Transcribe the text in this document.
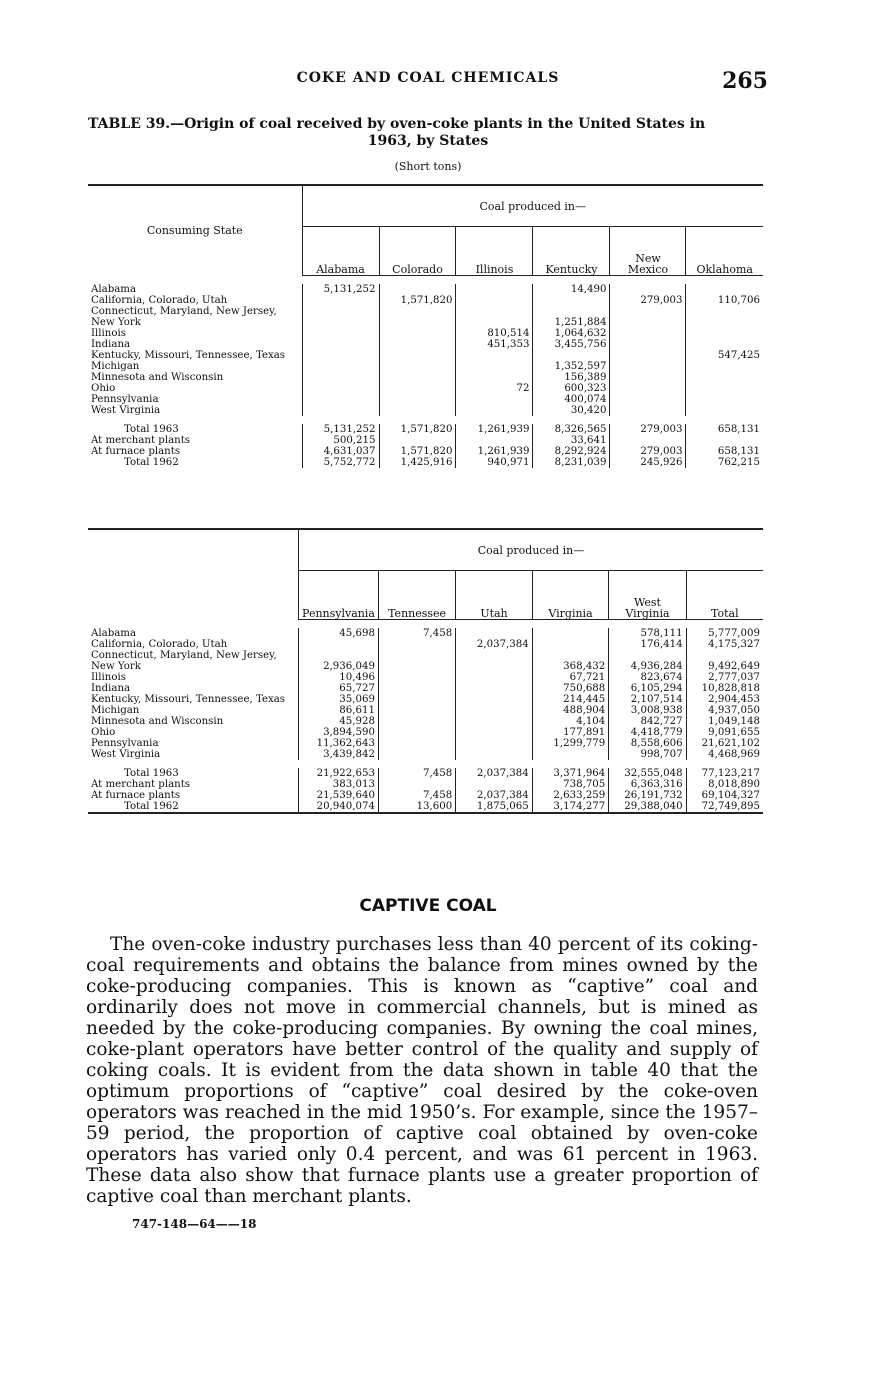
COKE AND COAL CHEMICALS	265
TABLE 39.—Origin of coal received by oven-coke plants in the United States in
1963, by States
(Short tons)
Consuming State	Coal produced in—					
	Alabama	Colorado	Illinois	Kentucky	New Mexico	Oklahoma

Alabama	5,131,252			14,490		
California, Colorado, Utah		1,571,820			279,003	110,706
Connecticut, Maryland, New Jersey, New York				1,251,884		
Illinois			810,514	1,064,632		
Indiana			451,353	3,455,756		
Kentucky, Missouri, Tennessee, Texas						547,425
Michigan				1,352,597		
Minnesota and Wisconsin				156,389		
Ohio			72	600,323		
Pennsylvania				400,074		
West Virginia				30,420		

Total 1963	5,131,252	1,571,820	1,261,939	8,326,565	279,003	658,131
At merchant plants	500,215			33,641		
At furnace plants	4,631,037	1,571,820	1,261,939	8,292,924	279,003	658,131
Total 1962	5,752,772	1,425,916	940,971	8,231,039	245,926	762,215
	Coal produced in—					
	Pennsylvania	Tennessee	Utah	Virginia	West Virginia	Total

Alabama	45,698	7,458			578,111	5,777,009
California, Colorado, Utah			2,037,384		176,414	4,175,327
Connecticut, Maryland, New Jersey, New York	2,936,049			368,432	4,936,284	9,492,649
Illinois	10,496			67,721	823,674	2,777,037
Indiana	65,727			750,688	6,105,294	10,828,818
Kentucky, Missouri, Tennessee, Texas	35,069			214,445	2,107,514	2,904,453
Michigan	86,611			488,904	3,008,938	4,937,050
Minnesota and Wisconsin	45,928			4,104	842,727	1,049,148
Ohio	3,894,590			177,891	4,418,779	9,091,655
Pennsylvania	11,362,643			1,299,779	8,558,606	21,621,102
West Virginia	3,439,842				998,707	4,468,969

Total 1963	21,922,653	7,458	2,037,384	3,371,964	32,555,048	77,123,217
At merchant plants	383,013			738,705	6,363,316	8,018,890
At furnace plants	21,539,640	7,458	2,037,384	2,633,259	26,191,732	69,104,327
Total 1962	20,940,074	13,600	1,875,065	3,174,277	29,388,040	72,749,895
CAPTIVE COAL

The oven-coke industry purchases less than 40 percent of its coking-coal requirements and obtains the balance from mines owned by the coke-producing companies. This is known as “captive” coal and ordinarily does not move in commercial channels, but is mined as needed by the coke-producing companies. By owning the coal mines, coke-plant operators have better control of the quality and supply of coking coals. It is evident from the data shown in table 40 that the optimum proportions of “captive” coal desired by the coke-oven operators was reached in the mid 1950’s. For example, since the 1957–59 period, the proportion of captive coal obtained by oven-coke operators has varied only 0.4 percent, and was 61 percent in 1963. These data also show that furnace plants use a greater proportion of captive coal than merchant plants.

747-148—64——18
